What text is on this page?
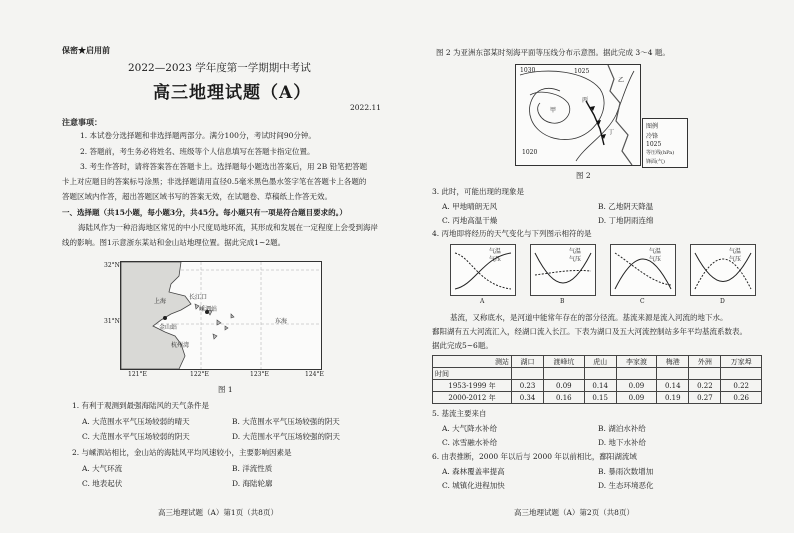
保密★启用前
2022—2023 学年度第一学期期中考试
高三地理试题（A）
2022.11
注意事项：
1. 本试卷分选择题和非选择题两部分。满分100分，考试时间90分钟。
2. 答题前，考生务必将姓名、班级等个人信息填写在答题卡指定位置。
3. 考生作答时，请将答案答在答题卡上。选择题每小题选出答案后，用 2B 铅笔把答题
卡上对应题目的答案标号涂黑；非选择题请用直径0.5毫米黑色墨水签字笔在答题卡上各题的
答题区域内作答，超出答题区域书写的答案无效，在试题卷、草稿纸上作答无效。
一、选择题（共15小题，每小题3分，共45分。每小题只有一项是符合题目要求的。）
海陆风作为一种沿海地区常见的中小尺度局地环流，其形成和发展在一定程度上会受到海岸
线的影响。图1示意浙东某站和金山站地理位置。据此完成1~2题。
上海
长江口
嵊泗站
金山站
东海
杭州湾
32°N
31°N
121°E	122°E	123°E	124°E
图 1
1. 有利于观测到最强海陆风的天气条件是
A. 大范围水平气压场较弱的晴天	B. 大范围水平气压场较强的阴天
C. 大范围水平气压场较弱的阴天	D. 大范围水平气压场较强的阴天
2. 与嵊泗站相比，金山站的海陆风平均风速较小，主要影响因素是
A. 大气环流	B. 洋流性质
C. 地表起伏	D. 海陆轮廓
高三地理试题（A）第1页（共8页）
图 2 为亚洲东部某时刻海平面等压线分布示意图。据此完成 3～4 题。
1030	1025
1020
乙
甲
丙
丁
图例
冷锋
1025
等压线(hPa)
锋面(气)
图 2
3. 此时，可能出现的现象是
A. 甲地晴朗无风	B. 乙地阴天降温
C. 丙地高温干燥	D. 丁地阴雨连绵
4. 丙地即将经历的天气变化与下列图示相符的是
气温
气压
气温
气压
气温
气压
气温
气压
A	B	C	D
基流，又称底水，是河道中能常年存在的部分径流。基流来源是流入河流的地下水。
鄱阳湖有五大河流汇入，经湖口流入长江。下表为湖口及五大河流控制站多年平均基流系数表。
据此完成5~6题。
测站	湖口	渡峰坑	虎山	李家渡	梅港	外洲	万家埠
时间							
1953-1999 年	0.23	0.09	0.14	0.09	0.14	0.22	0.22
2000-2012 年	0.34	0.16	0.15	0.09	0.19	0.27	0.26
5. 基流主要来自
A. 大气降水补给	B. 湖泊水补给
C. 冰雪融水补给	D. 地下水补给
6. 由表推断，2000 年以后与 2000 年以前相比，鄱阳湖流域
A. 森林覆盖率提高	B. 暴雨次数增加
C. 城镇化进程加快	D. 生态环境恶化
高三地理试题（A）第2页（共8页）
